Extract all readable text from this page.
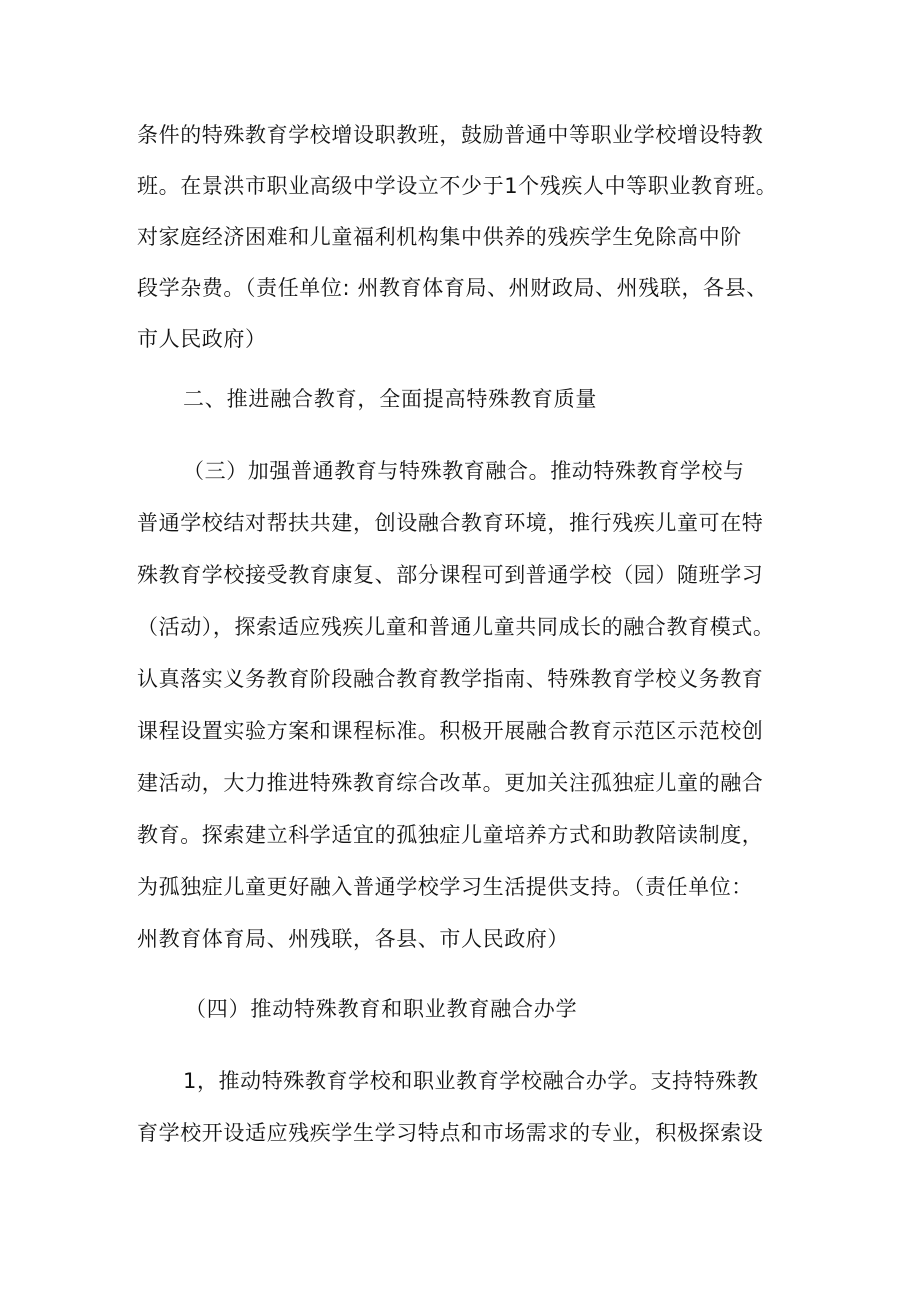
条件的特殊教育学校增设职教班，鼓励普通中等职业学校增设特教
班。在景洪市职业高级中学设立不少于1个残疾人中等职业教育班。
对家庭经济困难和儿童福利机构集中供养的残疾学生免除高中阶
段学杂费。（责任单位: 州教育体育局、州财政局、州残联，各县、
市人民政府）
二、推进融合教育，全面提高特殊教育质量
（三）加强普通教育与特殊教育融合。推动特殊教育学校与
普通学校结对帮扶共建，创设融合教育环境，推行残疾儿童可在特
殊教育学校接受教育康复、部分课程可到普通学校（园）随班学习
（活动），探索适应残疾儿童和普通儿童共同成长的融合教育模式。
认真落实义务教育阶段融合教育教学指南、特殊教育学校义务教育
课程设置实验方案和课程标准。积极开展融合教育示范区示范校创
建活动，大力推进特殊教育综合改革。更加关注孤独症儿童的融合
教育。探索建立科学适宜的孤独症儿童培养方式和助教陪读制度，
为孤独症儿童更好融入普通学校学习生活提供支持。（责任单位：
州教育体育局、州残联，各县、市人民政府）
（四）推动特殊教育和职业教育融合办学
1，推动特殊教育学校和职业教育学校融合办学。支持特殊教
育学校开设适应残疾学生学习特点和市场需求的专业，积极探索设
